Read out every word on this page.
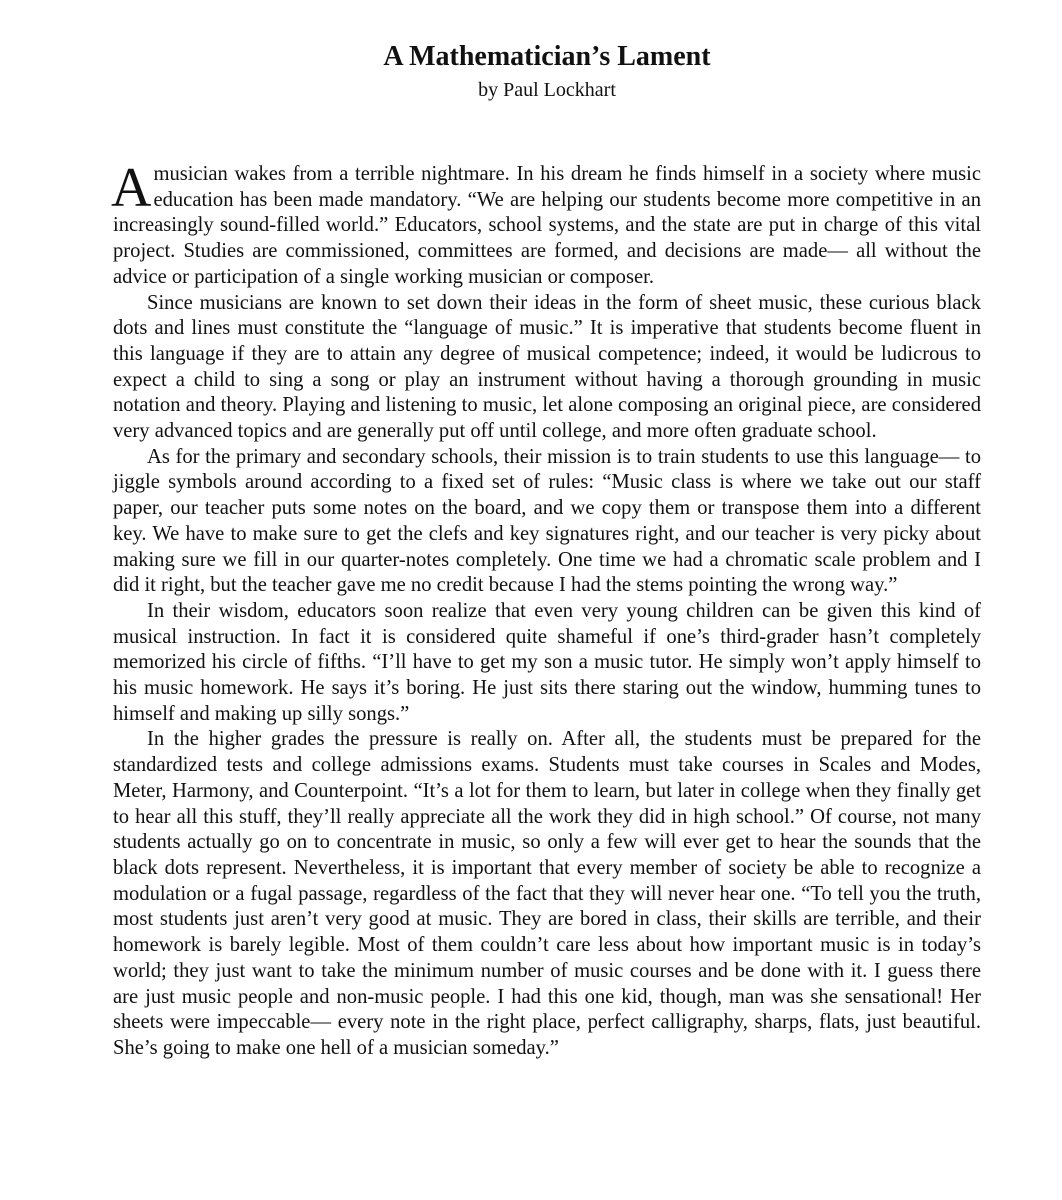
A Mathematician’s Lament
by Paul Lockhart

Amusician wakes from a terrible nightmare. In his dream he finds himself in a society where music education has been made mandatory. “We are helping our students become more competitive in an increasingly sound-filled world.” Educators, school systems, and the state are put in charge of this vital project. Studies are commissioned, committees are formed, and decisions are made— all without the advice or participation of a single working musician or composer.

Since musicians are known to set down their ideas in the form of sheet music, these curious black dots and lines must constitute the “language of music.” It is imperative that students become fluent in this language if they are to attain any degree of musical competence; indeed, it would be ludicrous to expect a child to sing a song or play an instrument without having a thorough grounding in music notation and theory. Playing and listening to music, let alone composing an original piece, are considered very advanced topics and are generally put off until college, and more often graduate school.

As for the primary and secondary schools, their mission is to train students to use this language— to jiggle symbols around according to a fixed set of rules: “Music class is where we take out our staff paper, our teacher puts some notes on the board, and we copy them or transpose them into a different key. We have to make sure to get the clefs and key signatures right, and our teacher is very picky about making sure we fill in our quarter-notes completely. One time we had a chromatic scale problem and I did it right, but the teacher gave me no credit because I had the stems pointing the wrong way.”

In their wisdom, educators soon realize that even very young children can be given this kind of musical instruction. In fact it is considered quite shameful if one’s third-grader hasn’t completely memorized his circle of fifths. “I’ll have to get my son a music tutor. He simply won’t apply himself to his music homework. He says it’s boring. He just sits there staring out the window, humming tunes to himself and making up silly songs.”

In the higher grades the pressure is really on. After all, the students must be prepared for the standardized tests and college admissions exams. Students must take courses in Scales and Modes, Meter, Harmony, and Counterpoint. “It’s a lot for them to learn, but later in college when they finally get to hear all this stuff, they’ll really appreciate all the work they did in high school.” Of course, not many students actually go on to concentrate in music, so only a few will ever get to hear the sounds that the black dots represent. Nevertheless, it is important that every member of society be able to recognize a modulation or a fugal passage, regardless of the fact that they will never hear one. “To tell you the truth, most students just aren’t very good at music. They are bored in class, their skills are terrible, and their homework is barely legible. Most of them couldn’t care less about how important music is in today’s world; they just want to take the minimum number of music courses and be done with it. I guess there are just music people and non-music people. I had this one kid, though, man was she sensational! Her sheets were impeccable— every note in the right place, perfect calligraphy, sharps, flats, just beautiful. She’s going to make one hell of a musician someday.”
